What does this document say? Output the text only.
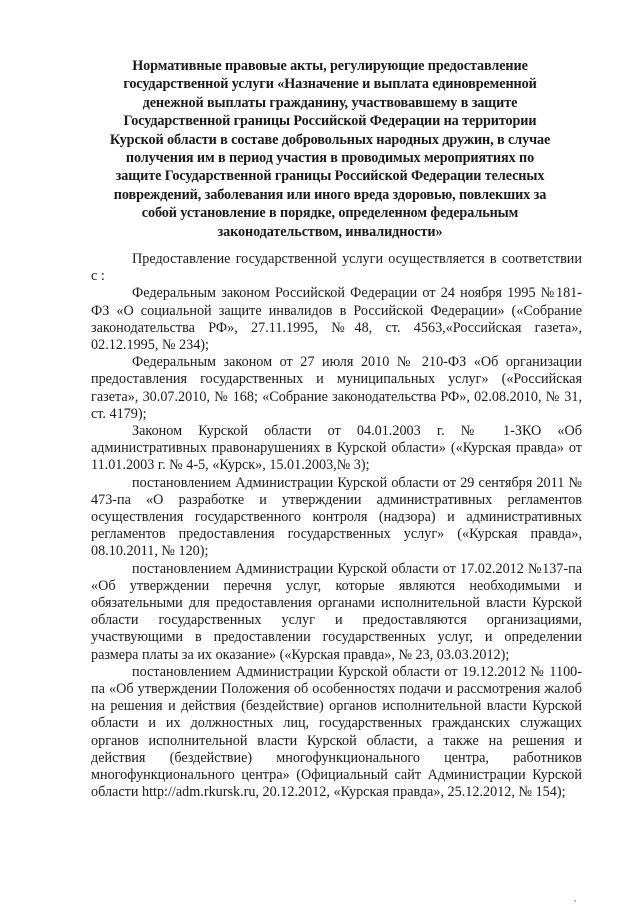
Нормативные правовые акты, регулирующие предоставление
государственной услуги «Назначение и выплата единовременной
денежной выплаты гражданину, участвовавшему в защите
Государственной границы Российской Федерации на территории
Курской области в составе добровольных народных дружин, в случае
получения им в период участия в проводимых мероприятиях по
защите Государственной границы Российской Федерации телесных
повреждений, заболевания или иного вреда здоровью, повлекших за
собой установление в порядке, определенном федеральным
законодательством, инвалидности»

Предоставление государственной услуги осуществляется в соответствии с :

Федеральным законом Российской Федерации от 24 ноября 1995 №181-ФЗ «О социальной защите инвалидов в Российской Федерации» («Собрание законодательства РФ», 27.11.1995, №48, ст. 4563,«Российская газета», 02.12.1995, № 234);

Федеральным законом от 27 июля 2010 № 210-ФЗ «Об организации предоставления государственных и муниципальных услуг» («Российская газета», 30.07.2010, № 168; «Собрание законодательства РФ», 02.08.2010, № 31, ст. 4179);

Законом Курской области от 04.01.2003 г. № 1-ЗКО «Об административных правонарушениях в Курской области» («Курская правда» от 11.01.2003 г. № 4-5, «Курск», 15.01.2003,№ 3);

постановлением Администрации Курской области от 29 сентября 2011 № 473-па «О разработке и утверждении административных регламентов осуществления государственного контроля (надзора) и административных регламентов предоставления государственных услуг» («Курская правда», 08.10.2011, № 120);

постановлением Администрации Курской области от 17.02.2012 №137-па «Об утверждении перечня услуг, которые являются необходимыми и обязательными для предоставления органами исполнительной власти Курской области государственных услуг и предоставляются организациями, участвующими в предоставлении государственных услуг, и определении размера платы за их оказание» («Курская правда», № 23, 03.03.2012);

постановлением Администрации Курской области от 19.12.2012 № 1100-па «Об утверждении Положения об особенностях подачи и рассмотрения жалоб на решения и действия (бездействие) органов исполнительной власти Курской области и их должностных лиц, государственных гражданских служащих органов исполнительной власти Курской области, а также на решения и действия (бездействие) многофункционального центра, работников многофункционального центра» (Официальный сайт Администрации Курской области http://adm.rkursk.ru, 20.12.2012, «Курская правда», 25.12.2012, № 154);

,
